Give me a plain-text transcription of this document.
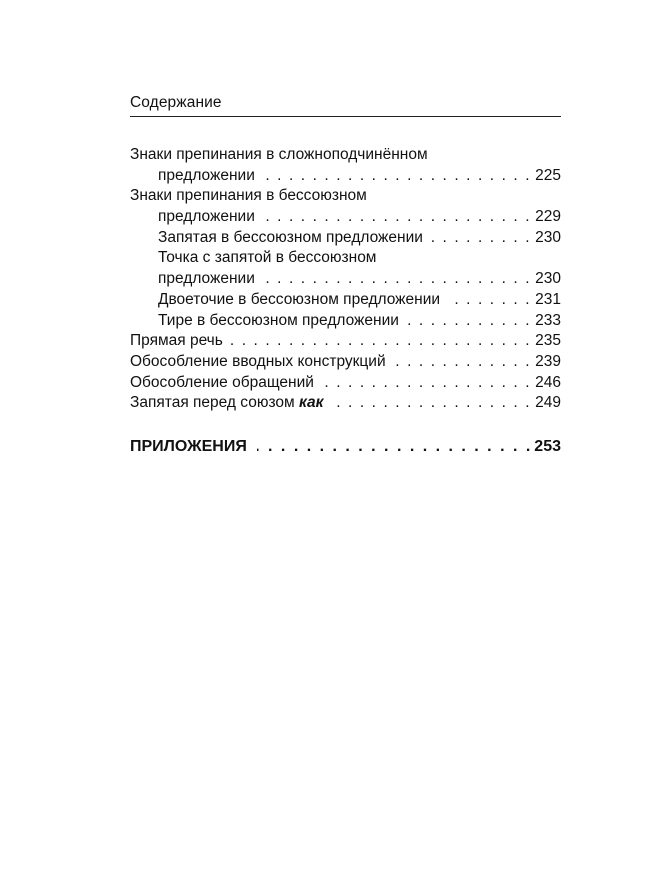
Содержание
Знаки препинания в сложноподчинённом
предложении . . .	225
Знаки препинания в бессоюзном
предложении . . .	229
Запятая в бессоюзном предложении . . .	230
Точка с запятой в бессоюзном
предложении . . .	230
Двоеточие в бессоюзном предложении . . .	231
Тире в бессоюзном предложении . . .	233
Прямая речь . . .	235
Обособление вводных конструкций . . .	239
Обособление обращений . . .	246
Запятая перед союзом как . . .	249
ПРИЛОЖЕНИЯ . . .	253
